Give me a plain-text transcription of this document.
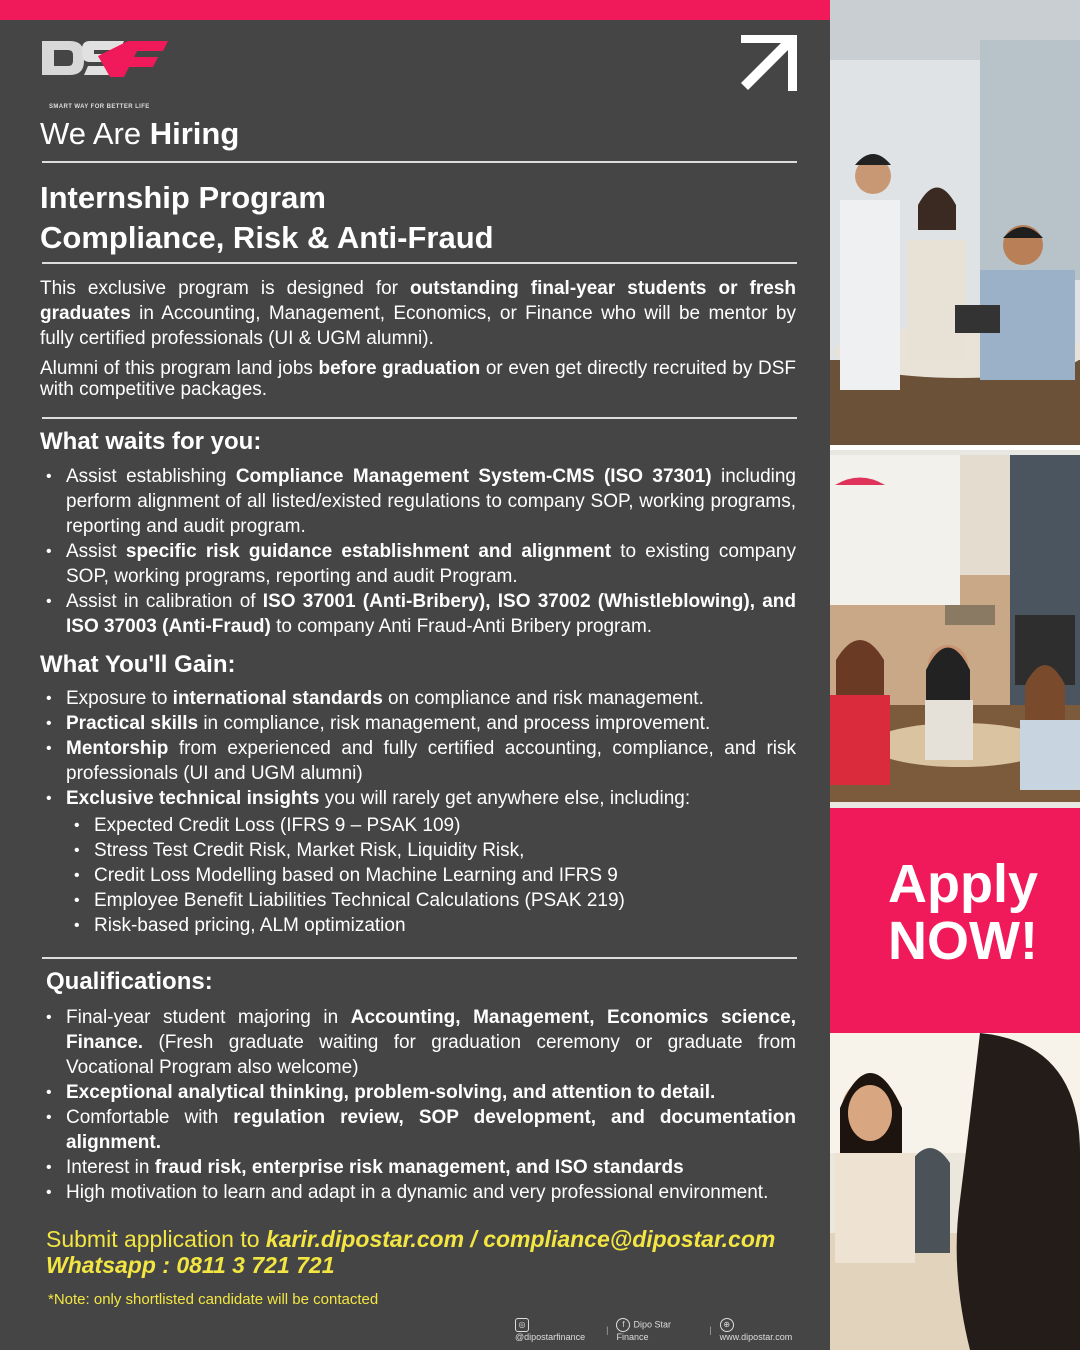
SMART WAY FOR BETTER LIFE
We Are Hiring
Internship Program
Compliance, Risk & Anti-Fraud
This exclusive program is designed for outstanding final-year students or fresh graduates in Accounting, Management, Economics, or Finance who will be mentor by fully certified professionals (UI & UGM alumni).
Alumni of this program land jobs before graduation or even get directly recruited by DSF with competitive packages.
What waits for you:
• Assist establishing Compliance Management System-CMS (ISO 37301) including perform alignment of all listed/existed regulations to company SOP, working programs, reporting and audit program.
• Assist specific risk guidance establishment and alignment to existing company SOP, working programs, reporting and audit Program.
• Assist in calibration of ISO 37001 (Anti-Bribery), ISO 37002 (Whistleblowing), and ISO 37003 (Anti-Fraud) to company Anti Fraud-Anti Bribery program.
What You'll Gain:
• Exposure to international standards on compliance and risk management.
• Practical skills in compliance, risk management, and process improvement.
• Mentorship from experienced and fully certified accounting, compliance, and risk professionals (UI and UGM alumni)
• Exclusive technical insights you will rarely get anywhere else, including:
• Expected Credit Loss (IFRS 9 – PSAK 109)
• Stress Test Credit Risk, Market Risk, Liquidity Risk,
• Credit Loss Modelling based on Machine Learning and IFRS 9
• Employee Benefit Liabilities Technical Calculations (PSAK 219)
• Risk-based pricing, ALM optimization
Qualifications:
• Final-year student majoring in Accounting, Management, Economics science, Finance. (Fresh graduate waiting for graduation ceremony or graduate from Vocational Program also welcome)
• Exceptional analytical thinking, problem-solving, and attention to detail.
• Comfortable with regulation review, SOP development, and documentation alignment.
• Interest in fraud risk, enterprise risk management, and ISO standards
• High motivation to learn and adapt in a dynamic and very professional environment.
Submit application to karir.dipostar.com / compliance@dipostar.com
Whatsapp : 0811 3 721 721
*Note: only shortlisted candidate will be contacted
◎@dipostarfinance
|
f Dipo Star Finance
|
⊕www.dipostar.com
Apply
NOW!
